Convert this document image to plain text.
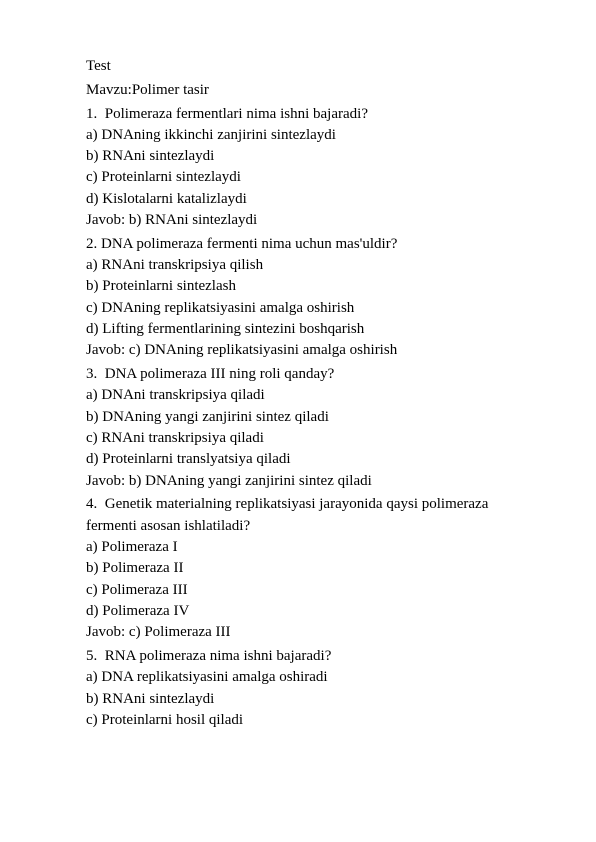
Test
Mavzu:Polimer tasir
1.  Polimeraza fermentlari nima ishni bajaradi?
a) DNAning ikkinchi zanjirini sintezlaydi
b) RNAni sintezlaydi
c) Proteinlarni sintezlaydi
d) Kislotalarni katalizlaydi
Javob: b) RNAni sintezlaydi
2. DNA polimeraza fermenti nima uchun mas'uldir?
a) RNAni transkripsiya qilish
b) Proteinlarni sintezlash
c) DNAning replikatsiyasini amalga oshirish
d) Lifting fermentlarining sintezini boshqarish
Javob: c) DNAning replikatsiyasini amalga oshirish
3.  DNA polimeraza III ning roli qanday?
a) DNAni transkripsiya qiladi
b) DNAning yangi zanjirini sintez qiladi
c) RNAni transkripsiya qiladi
d) Proteinlarni translyatsiya qiladi
Javob: b) DNAning yangi zanjirini sintez qiladi
4.  Genetik materialning replikatsiyasi jarayonida qaysi polimeraza
fermenti asosan ishlatiladi?
a) Polimeraza I
b) Polimeraza II
c) Polimeraza III
d) Polimeraza IV
Javob: c) Polimeraza III
5.  RNA polimeraza nima ishni bajaradi?
a) DNA replikatsiyasini amalga oshiradi
b) RNAni sintezlaydi
c) Proteinlarni hosil qiladi
